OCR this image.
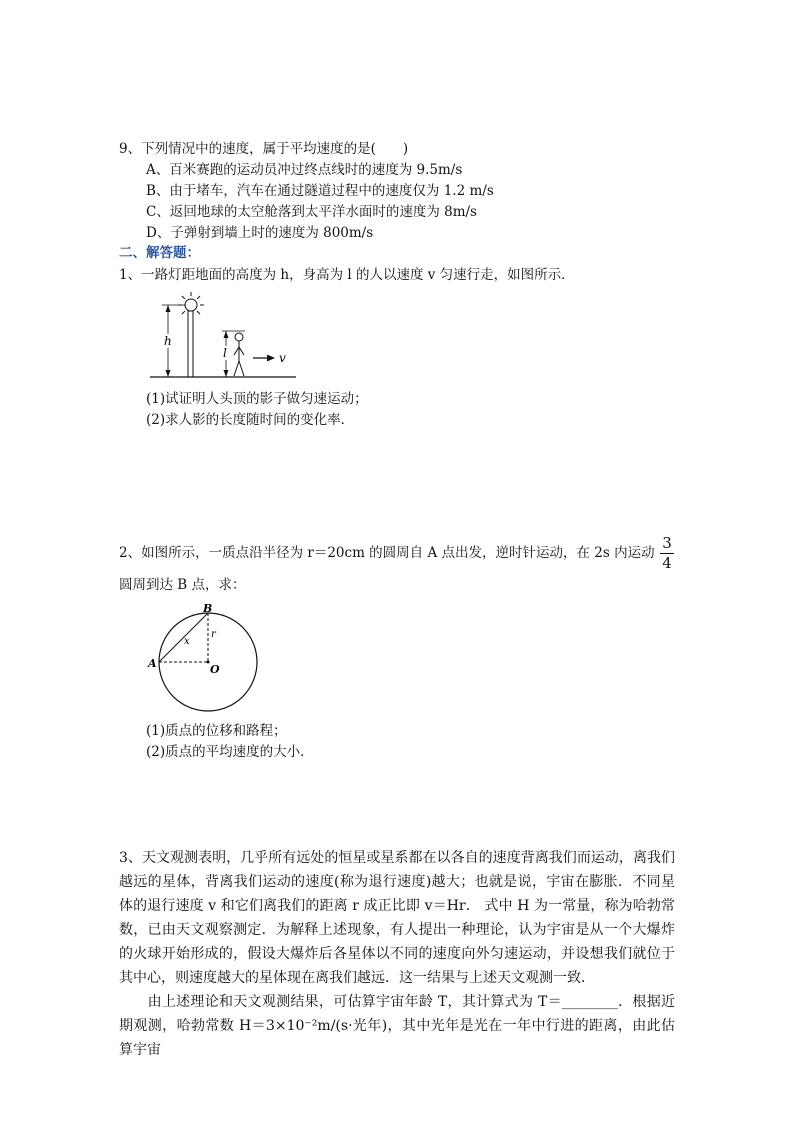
9、下列情况中的速度，属于平均速度的是(　　)
A、百米赛跑的运动员冲过终点线时的速度为 9.5m/s
B、由于堵车，汽车在通过隧道过程中的速度仅为 1.2 m/s
C、返回地球的太空舱落到太平洋水面时的速度为 8m/s
D、子弹射到墙上时的速度为 800m/s
二、解答题：
1、一路灯距地面的高度为 h，身高为 l 的人以速度 v 匀速行走，如图所示．
h
l	v
(1)试证明人头顶的影子做匀速运动；
(2)求人影的长度随时间的变化率．
2、如图所示，一质点沿半径为 r＝20cm 的圆周自 A 点出发，逆时针运动，在 2s 内运动
3
4
圆周到达 B 点，求：
B
A	O
r
x
(1)质点的位移和路程；
(2)质点的平均速度的大小．
3、天文观测表明，几乎所有远处的恒星或星系都在以各自的速度背离我们而运动，离我们越远的星体，背离我们运动的速度(称为退行速度)越大；也就是说，宇宙在膨胀．不同星体的退行速度 v 和它们离我们的距离 r 成正比即 v＝Hr． 式中 H 为一常量，称为哈勃常数，已由天文观察测定．为解释上述现象，有人提出一种理论，认为宇宙是从一个大爆炸的火球开始形成的，假设大爆炸后各星体以不同的速度向外匀速运动，并设想我们就位于其中心，则速度越大的星体现在离我们越远．这一结果与上述天文观测一致．
　　由上述理论和天文观测结果，可估算宇宙年龄 T，其计算式为 T＝________．根据近期观测，哈勃常数 H＝3×10⁻²m/(s·光年)，其中光年是光在一年中行进的距离，由此估算宇宙
